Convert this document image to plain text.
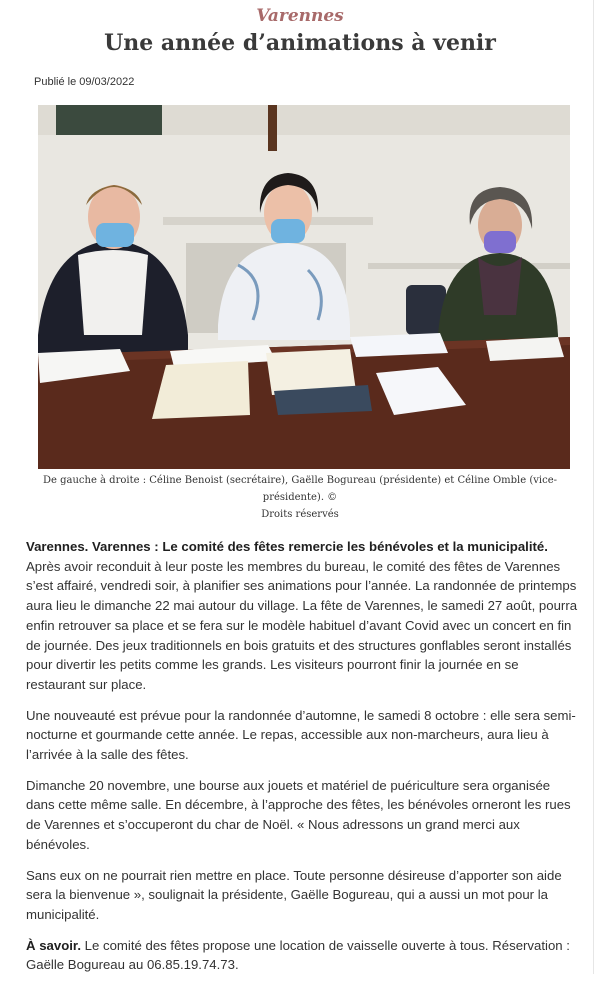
Varennes
Une année d’animations à venir
Publié le 09/03/2022
De gauche à droite : Céline Benoist (secrétaire), Gaëlle Bogureau (présidente) et Céline Omble (vice-présidente). ©
Droits réservés

Varennes. Varennes : Le comité des fêtes remercie les bénévoles et la municipalité. Après avoir reconduit à leur poste les membres du bureau, le comité des fêtes de Varennes s’est affairé, vendredi soir, à planifier ses animations pour l’année. La randonnée de printemps aura lieu le dimanche 22 mai autour du village. La fête de Varennes, le samedi 27 août, pourra enfin retrouver sa place et se fera sur le modèle habituel d’avant Covid avec un concert en fin de journée. Des jeux traditionnels en bois gratuits et des structures gonflables seront installés pour divertir les petits comme les grands. Les visiteurs pourront finir la journée en se restaurant sur place.

Une nouveauté est prévue pour la randonnée d’automne, le samedi 8 octobre : elle sera semi-nocturne et gourmande cette année. Le repas, accessible aux non-marcheurs, aura lieu à l’arrivée à la salle des fêtes.

Dimanche 20 novembre, une bourse aux jouets et matériel de puériculture sera organisée dans cette même salle. En décembre, à l’approche des fêtes, les bénévoles orneront les rues de Varennes et s’occuperont du char de Noël. « Nous adressons un grand merci aux bénévoles.

Sans eux on ne pourrait rien mettre en place. Toute personne désireuse d’apporter son aide sera la bienvenue », soulignait la présidente, Gaëlle Bogureau, qui a aussi un mot pour la municipalité.

À savoir. Le comité des fêtes propose une location de vaisselle ouverte à tous. Réservation : Gaëlle Bogureau au 06.85.19.74.73.
